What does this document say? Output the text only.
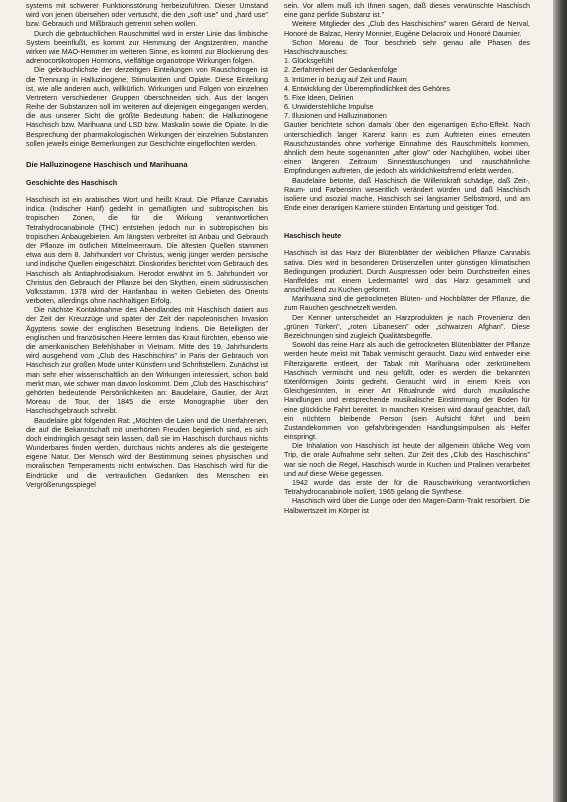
systems mit schwerer Funktionsstörung herbeizuführen. Dieser Umstand wird von jenen übersehen oder vertuscht, die den „soft use" und „hard use" bzw. Gebrauch und Mißbrauch getrennt sehen wollen.

Durch die gebräuchlichen Rauschmittel wird in erster Linie das limbische System beeinflußt, es kommt zur Hemmung der Angstzentren, manche wirken wie MAO-Hemmer im weiteren Sinne, es kommt zur Blockierung des adrenocortikotropen Hormons, vielfältige organotrope Wirkungen folgen.

Die gebräuchlichste der derzeitigen Einteilungen von Rauschdrogen ist die Trennung in Halluzinogene, Stimulantien und Opiate. Diese Einteilung ist, wie alle anderen auch, willkürlich. Wirkungen und Folgen von einzelnen Vertretern verschiedener Gruppen überschneiden sich. Aus der langen Reihe der Substanzen soll im weiteren auf diejenigen eingegangen werden, die aus unserer Sicht die größte Bedeutung haben: die Halluzinogene Haschisch bzw. Marihuana und LSD bzw. Maskalin sowie die Opiate. In die Besprechung der pharmakologischen Wirkungen der einzelnen Substanzen sollen jeweils einige Bemerkungen zur Geschichte eingeflochten werden.

Die Halluzinogene Haschisch und Marihuana
Geschichte des Haschisch

Haschisch ist ein arabisches Wort und heißt Kraut. Die Pflanze Cannabis indica (Indischer Hanf) gedeiht in gemäßigten und subtropischen bis tropischen Zonen, die für die Wirkung verantwortlichen Tetrahydrocanabinole (THC) entstehen jedoch nur in subtropischen bis tropischen Anbaugebieten. Am längsten verbreitet ist Anbau und Gebrauch der Pflanze im östlichen Mittelmeerraum. Die ältesten Quellen stammen etwa aus dem 8. Jahrhundert vor Christus, wenig jünger werden persische und indische Quellen eingeschätzt. Dioskorides berichtet vom Gebrauch des Haschisch als Antiaphrodisiakum. Herodot erwähnt im 5. Jahrhundert vor Christus den Gebrauch der Pflanze bei den Skythen, einem südrussischen Volksstamm. 1378 wird der Hanfanbau in weiten Gebieten des Orients verboten, allerdings ohne nachhaltigen Erfolg.

Die nächste Kontaktnahme des Abendlandes mit Haschisch datiert aus der Zeit der Kreuzzüge und später der Zeit der napoleonischen Invasion Ägyptens sowie der englischen Besetzung Indiens. Die Beteiligten der englischen und französischen Heere lernten das Kraut fürchten, ebenso wie die amerikanischen Befehlshaber in Vietnam. Mitte des 19. Jahrhunderts wird ausgehend vom „Club des Haschischins" in Paris der Gebrauch von Haschisch zur großen Mode unter Künstlern und Schriftstellern. Zunächst ist man sehr eher wissenschaftlich an den Wirkungen interessiert, schon bald merkt man, wie schwer man davon loskommt. Dem „Club des Haschischins" gehörten bedeutende Persönlichkeiten an: Baudelaire, Gautier, der Arzt Moreau de Tour, der 1845 die erste Monographie über den Haschischgebrauch schreibt.

Baudelaire gibt folgenden Rat: „Möchten die Laien und die Unerfahrenen, die auf die Bekanntschaft mit unerhörten Freuden begierlich sind, es sich doch eindringlich gesagt sein lassen, daß sie im Haschisch durchaus nichts Wunderbares finden werden, durchaus nichts anderes als die gesteigerte eigene Natur. Der Mensch wird der Bestimmung seines physischen und moralischen Temperaments nicht entwischen. Das Haschisch wird für die Eindrücke und die vertraulichen Gedanken des Menschen ein Vergrößerungsspiegel

sein. Vor allem muß ich Ihnen sagen, daß dieses verwünschte Haschisch eine ganz perfide Substanz ist."

Weitere Mitglieder des „Club des Haschischins" waren Gérard de Nerval, Honoré de Balzac, Henry Monnier, Eugène Delacroix und Honoré Daumier.

Schon Moreau de Tour beschrieb sehr genau alle Phasen des Haschischrausches:

1. Glücksgefühl
2. Zerfahrenheit der Gedankenfolge
3. Irrtümer in bezug auf Zeit und Raum
4. Entwicklung der Überempfindlichkeit des Gehöres
5. Fixe Ideen, Delirien
6. Unwiderstehliche Impulse
7. Illusionen und Halluzinationen

Gautier berichtete schon damals über den eigenartigen Echo-Effekt. Nach unterschiedlich langer Karenz kann es zum Auftreten eines erneuten Rauschzustandes ohne vorherige Einnahme des Rauschmittels kommen, ähnlich dem heute sogenannten „after glow" oder Nachglühen, wobei über einen längeren Zeitraum Sinnestäuschungen und rauschähnliche Empfindungen auftreten, die jedoch als wirklichkeitsfremd erlebt werden.

Baudelaire betonte, daß Haschisch die Willenskraft schädige, daß Zeit-, Raum- und Farbensinn wesentlich verändert würden und daß Haschisch isoliere und asozial mache. Haschisch sei langsamer Selbstmord, und am Ende einer derartigen Karriere stünden Entartung und geistiger Tod.

Haschisch heute

Haschisch ist das Harz der Blütenblätter der weiblichen Pflanze Cannabis sativa. Dies wird in besonderen Drüsenzellen unter günstigen klimatischen Bedingungen produziert. Durch Auspressen oder beim Durchstreifen eines Hanffeldes mit einem Ledermantel wird das Harz gesammelt und anschließend zu Kuchen geformt.

Marihuana sind die getrockneten Blüten- und Hochblätter der Pflanze, die zum Rauchen geschnetzelt werden.

Der Kenner unterscheidet an Harzprodukten je nach Provenienz den „grünen Türken", „roten Libanesen" oder „schwarzen Afghan". Diese Bezeichnungen sind zugleich Qualitätsbegriffe.

Sowohl das reine Harz als auch die getrockneten Blütenblätter der Pflanze werden heute meist mit Tabak vermischt geraucht. Dazu wird entweder eine Filterzigarette entleert, der Tabak mit Marihuana oder zerkrümeltem Haschisch vermischt und neu gefüllt, oder es werden die bekannten tütenförmigen Joints gedreht. Geraucht wird in einem Kreis von Gleichgesinnten, in einer Art Ritualrunde wird durch musikalische Handlungen und entsprechende musikalische Einstimmung der Boden für eine glückliche Fahrt bereitet. In manchen Kreisen wird darauf geachtet, daß ein nüchtern bleibende Person (sein Aufsicht führt und beim Zustandekommen von gefahrbringenden Handlungsimpulsen als Helfer einspringt.

Die Inhalation von Haschisch ist heute der allgemein übliche Weg vom Trip, die orale Aufnahme sehr selten. Zur Zeit des „Club des Haschischins" war sie noch die Regel, Haschisch wurde in Kuchen und Pralinen verarbeitet und auf diese Weise gegessen.

1942 wurde das erste der für die Rauschwirkung verantwortlichen Tetrahydrocanabinole isoliert, 1965 gelang die Synthese.

Haschisch wird über die Lunge oder den Magen-Darm-Trakt resorbiert. Die Halbwertszeit im Körper ist
